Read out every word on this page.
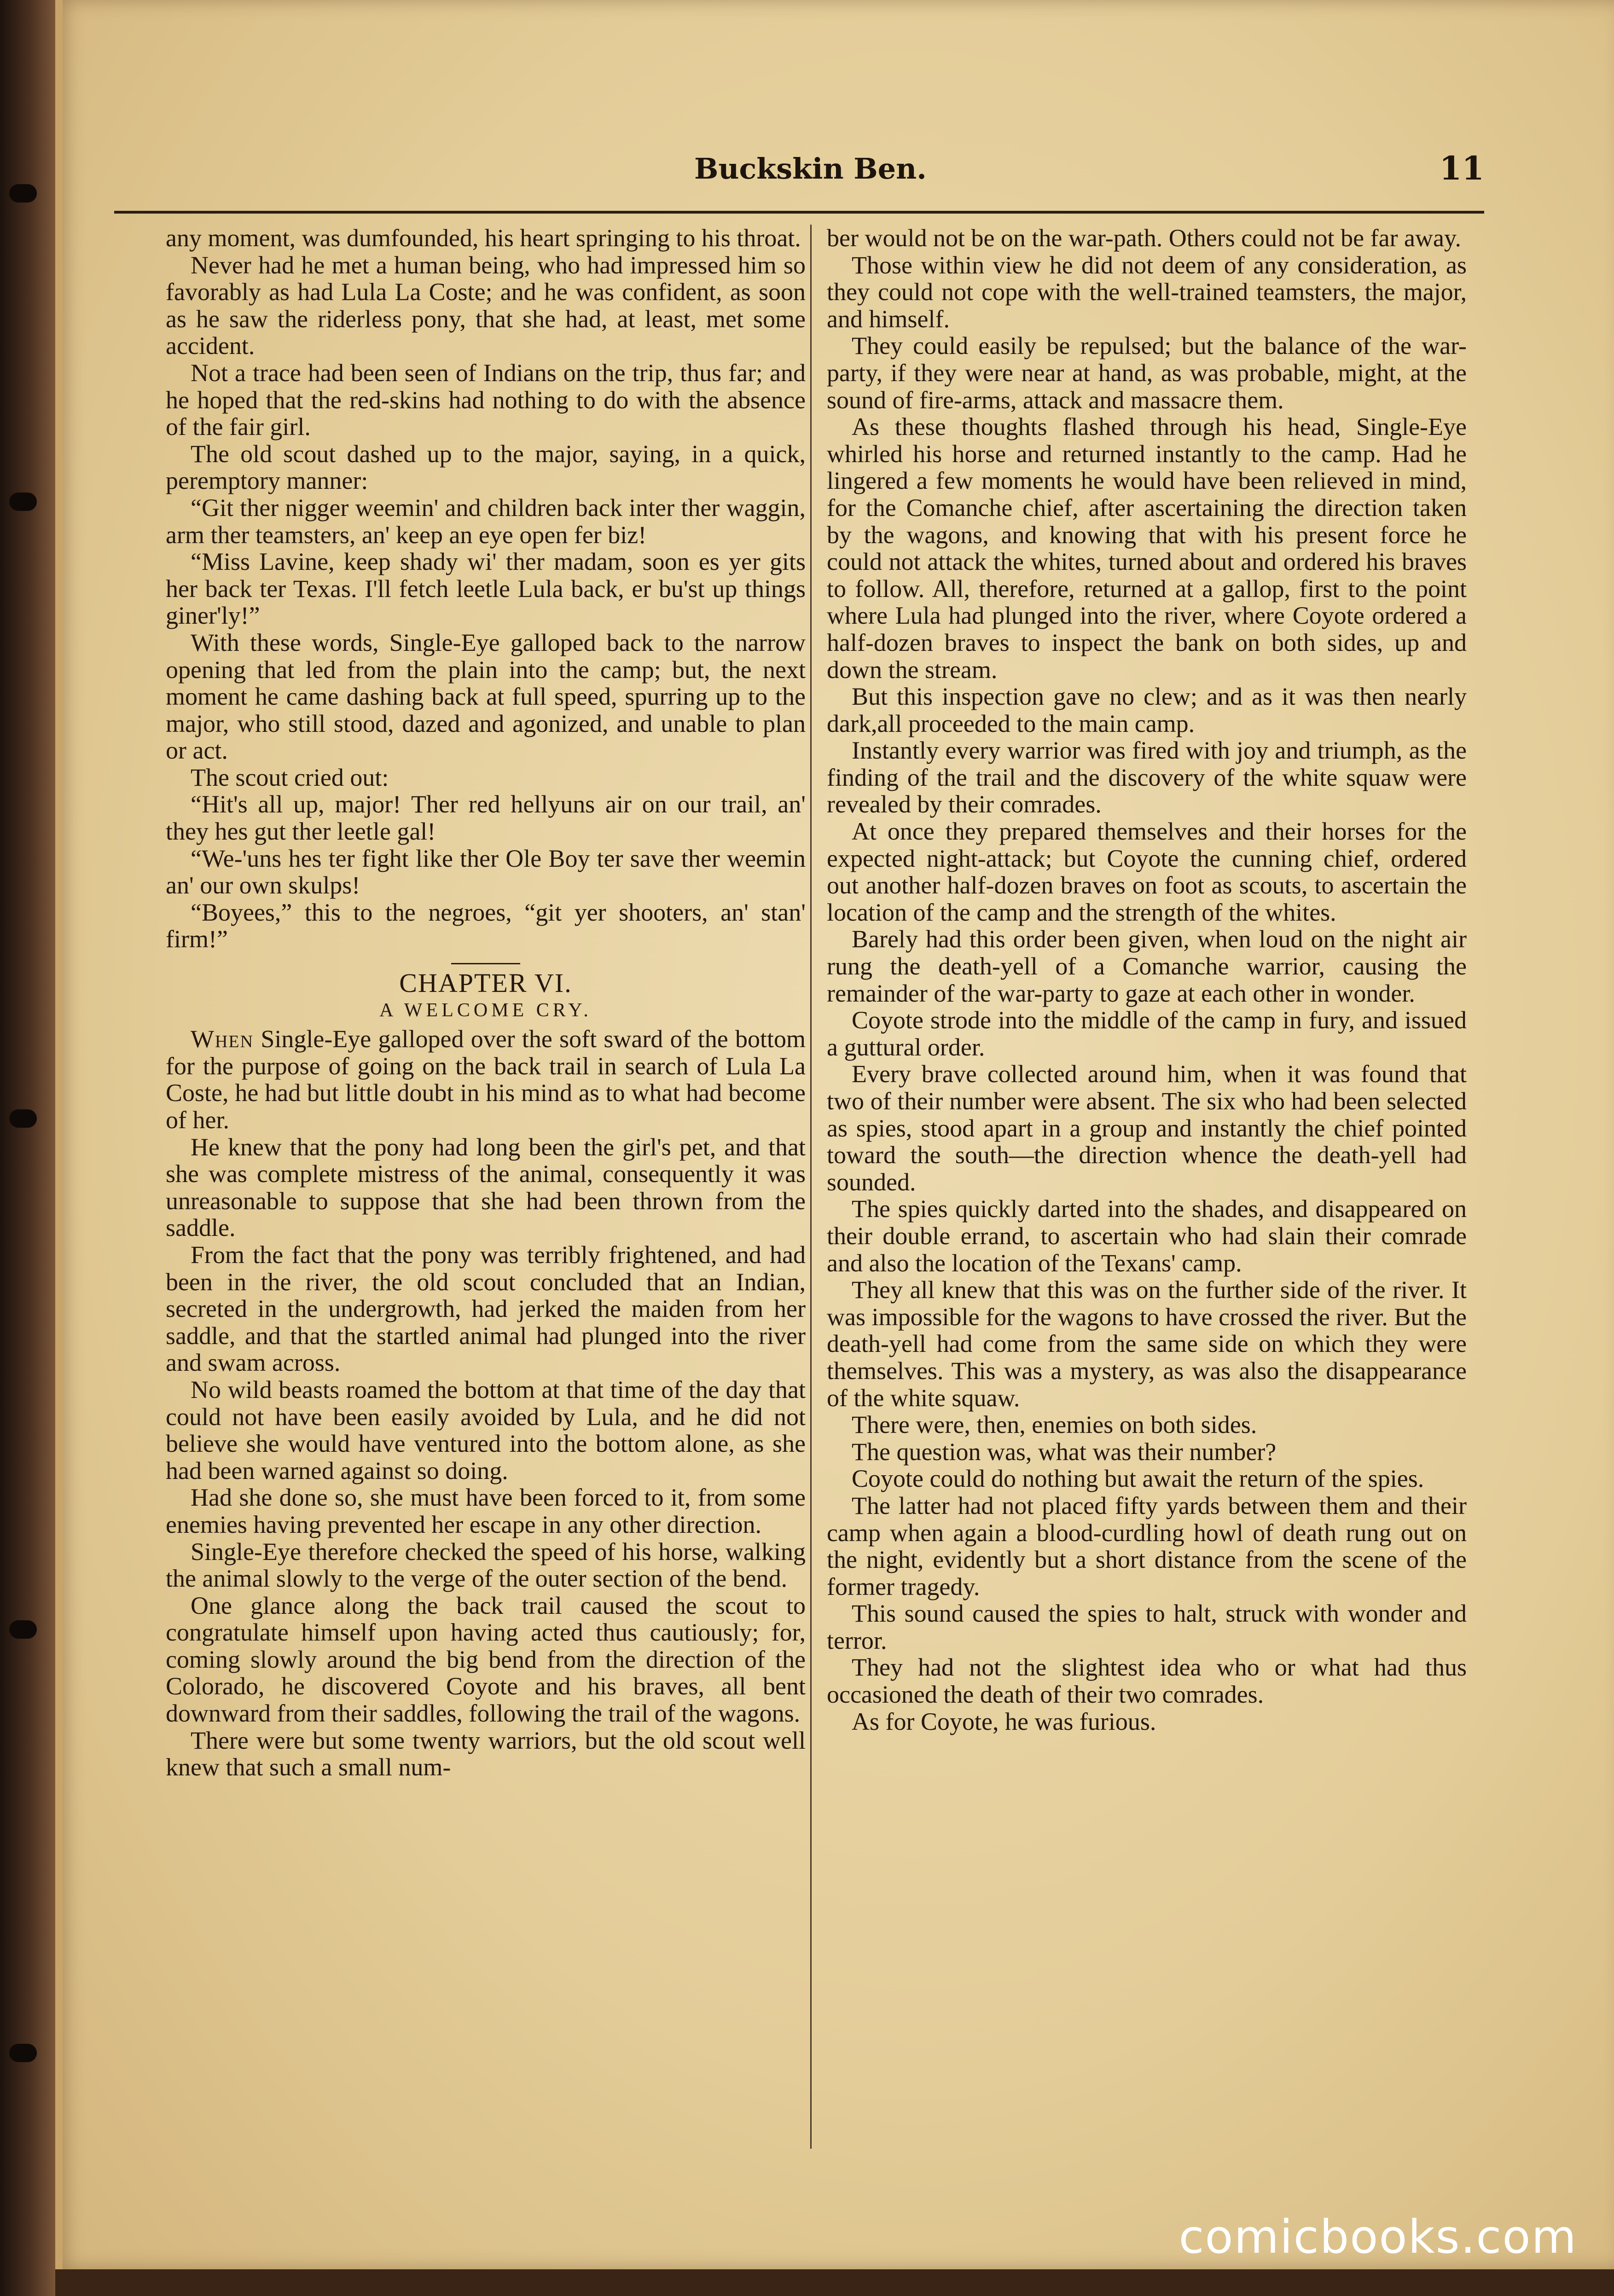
Buckskin Ben.	11

any moment, was dumfounded, his heart springing to his throat.

Never had he met a human being, who had impressed him so favorably as had Lula La Coste; and he was confident, as soon as he saw the riderless pony, that she had, at least, met some accident.

Not a trace had been seen of Indians on the trip, thus far; and he hoped that the red-skins had nothing to do with the absence of the fair girl.

The old scout dashed up to the major, saying, in a quick, peremptory manner:

“Git ther nigger weemin' and children back inter ther waggin, arm ther teamsters, an' keep an eye open fer biz!

“Miss Lavine, keep shady wi' ther madam, soon es yer gits her back ter Texas. I'll fetch leetle Lula back, er bu'st up things giner'ly!”

With these words, Single-Eye galloped back to the narrow opening that led from the plain into the camp; but, the next moment he came dashing back at full speed, spurring up to the major, who still stood, dazed and agonized, and unable to plan or act.

The scout cried out:

“Hit's all up, major! Ther red hellyuns air on our trail, an' they hes gut ther leetle gal!

“We-'uns hes ter fight like ther Ole Boy ter save ther weemin an' our own skulps!

“Boyees,” this to the negroes, “git yer shooters, an' stan' firm!”

CHAPTER VI.
A WELCOME CRY.

When Single-Eye galloped over the soft sward of the bottom for the purpose of going on the back trail in search of Lula La Coste, he had but little doubt in his mind as to what had become of her.

He knew that the pony had long been the girl's pet, and that she was complete mistress of the animal, consequently it was unreasonable to suppose that she had been thrown from the saddle.

From the fact that the pony was terribly frightened, and had been in the river, the old scout concluded that an Indian, secreted in the undergrowth, had jerked the maiden from her saddle, and that the startled animal had plunged into the river and swam across.

No wild beasts roamed the bottom at that time of the day that could not have been easily avoided by Lula, and he did not believe she would have ventured into the bottom alone, as she had been warned against so doing.

Had she done so, she must have been forced to it, from some enemies having prevented her escape in any other direction.

Single-Eye therefore checked the speed of his horse, walking the animal slowly to the verge of the outer section of the bend.

One glance along the back trail caused the scout to congratulate himself upon having acted thus cautiously; for, coming slowly around the big bend from the direction of the Colorado, he discovered Coyote and his braves, all bent downward from their saddles, following the trail of the wagons.

There were but some twenty warriors, but the old scout well knew that such a small num-

ber would not be on the war-path. Others could not be far away.

Those within view he did not deem of any consideration, as they could not cope with the well-trained teamsters, the major, and himself.

They could easily be repulsed; but the balance of the war-party, if they were near at hand, as was probable, might, at the sound of fire-arms, attack and massacre them.

As these thoughts flashed through his head, Single-Eye whirled his horse and returned instantly to the camp. Had he lingered a few moments he would have been relieved in mind, for the Comanche chief, after ascertaining the direction taken by the wagons, and knowing that with his present force he could not attack the whites, turned about and ordered his braves to follow. All, therefore, returned at a gallop, first to the point where Lula had plunged into the river, where Coyote ordered a half-dozen braves to inspect the bank on both sides, up and down the stream.

But this inspection gave no clew; and as it was then nearly dark,all proceeded to the main camp.

Instantly every warrior was fired with joy and triumph, as the finding of the trail and the discovery of the white squaw were revealed by their comrades.

At once they prepared themselves and their horses for the expected night-attack; but Coyote the cunning chief, ordered out another half-dozen braves on foot as scouts, to ascertain the location of the camp and the strength of the whites.

Barely had this order been given, when loud on the night air rung the death-yell of a Comanche warrior, causing the remainder of the war-party to gaze at each other in wonder.

Coyote strode into the middle of the camp in fury, and issued a guttural order.

Every brave collected around him, when it was found that two of their number were absent. The six who had been selected as spies, stood apart in a group and instantly the chief pointed toward the south—the direction whence the death-yell had sounded.

The spies quickly darted into the shades, and disappeared on their double errand, to ascertain who had slain their comrade and also the location of the Texans' camp.

They all knew that this was on the further side of the river. It was impossible for the wagons to have crossed the river. But the death-yell had come from the same side on which they were themselves. This was a mystery, as was also the disappearance of the white squaw.

There were, then, enemies on both sides.

The question was, what was their number?

Coyote could do nothing but await the return of the spies.

The latter had not placed fifty yards between them and their camp when again a blood-curdling howl of death rung out on the night, evidently but a short distance from the scene of the former tragedy.

This sound caused the spies to halt, struck with wonder and terror.

They had not the slightest idea who or what had thus occasioned the death of their two comrades.

As for Coyote, he was furious.

comicbooks.com
